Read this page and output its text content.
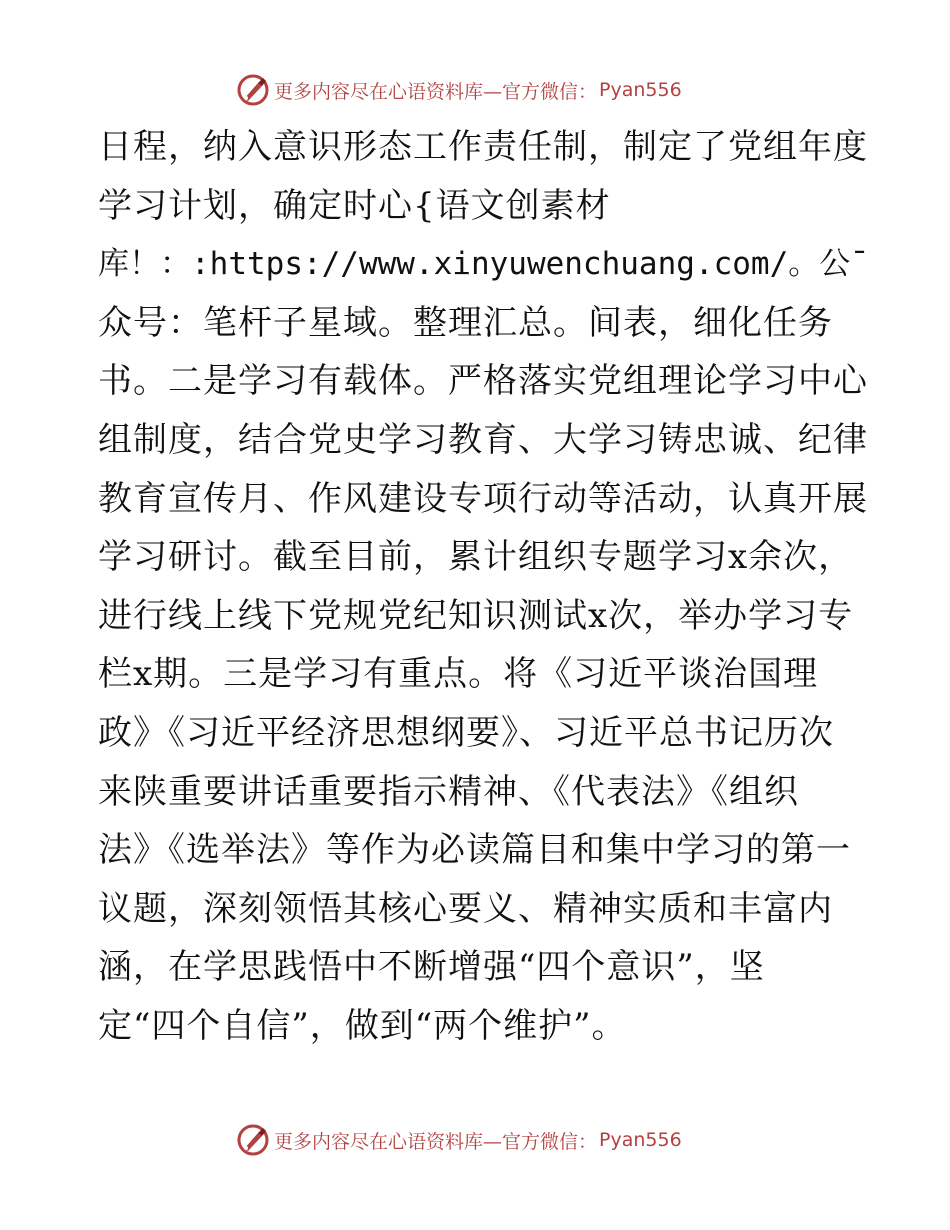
更多内容尽在心语资料库—官方微信： Pyan556
日程，纳入意识形态工作责任制，制定了党组年度
学习计划，确定时心{语文创素材
库！：:https://www.xinyuwenchuang.com/。公¯
众号：笔杆子星域。整理汇总。间表，细化任务
书。二是学习有载体。严格落实党组理论学习中心
组制度，结合党史学习教育、大学习铸忠诚、纪律
教育宣传月、作风建设专项行动等活动，认真开展
学习研讨。截至目前，累计组织专题学习x余次，
进行线上线下党规党纪知识测试x次，举办学习专
栏x期。三是学习有重点。将《习近平谈治国理
政》《习近平经济思想纲要》、习近平总书记历次
来陕重要讲话重要指示精神、《代表法》《组织
法》《选举法》等作为必读篇目和集中学习的第一
议题，深刻领悟其核心要义、精神实质和丰富内
涵，在学思践悟中不断增强“四个意识”，坚
定“四个自信”，做到“两个维护”。
更多内容尽在心语资料库—官方微信： Pyan556
